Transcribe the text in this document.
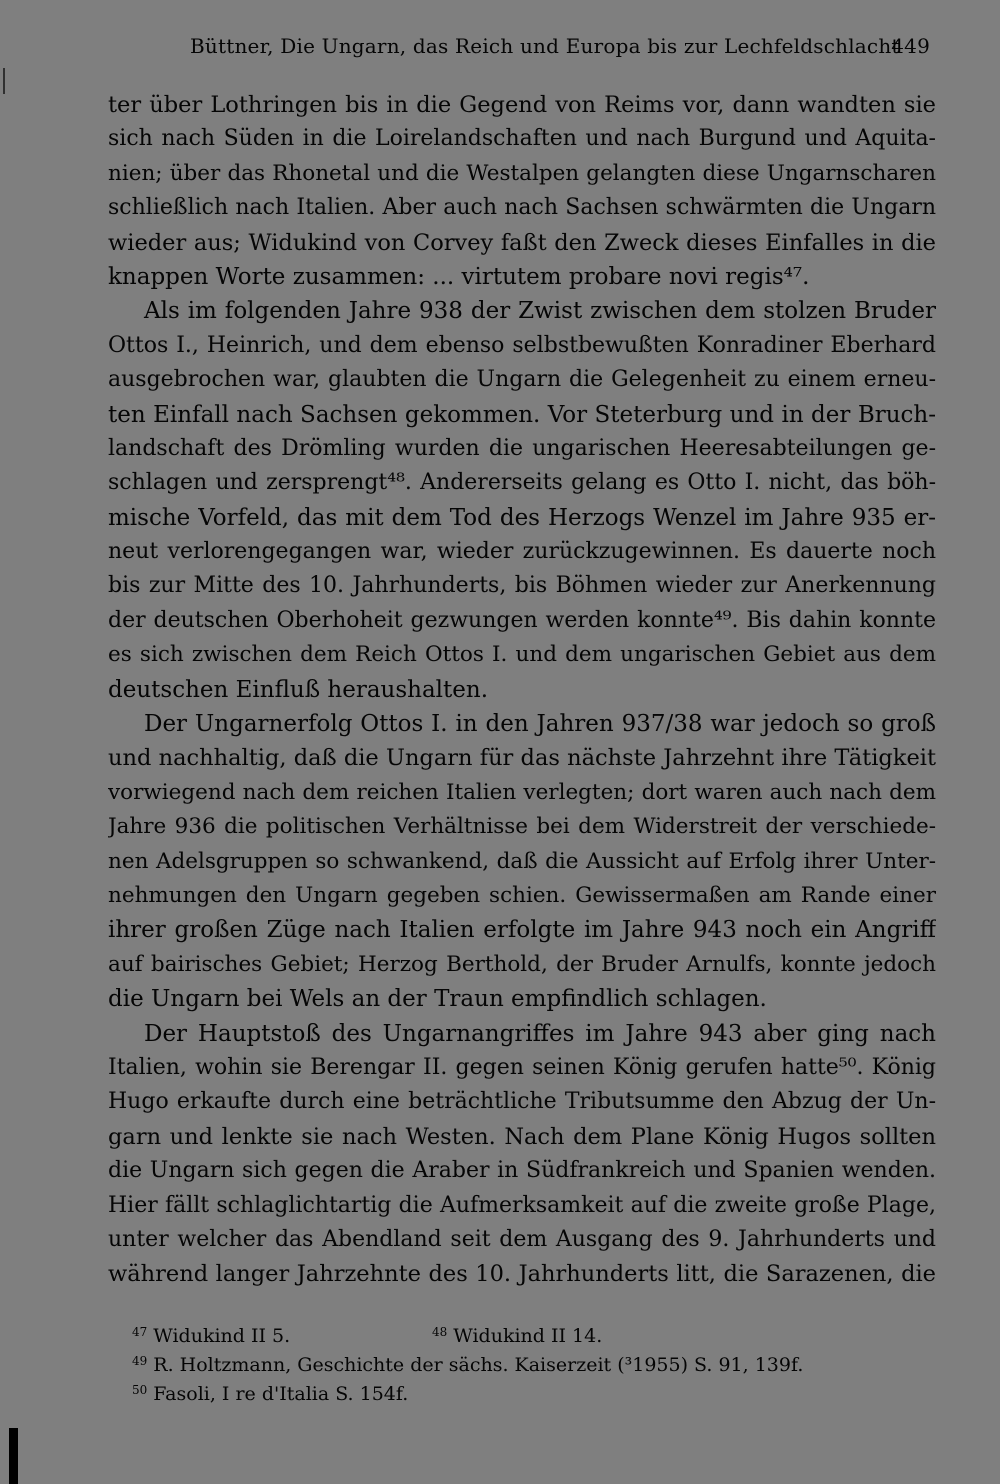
Büttner, Die Ungarn, das Reich und Europa bis zur Lechfeldschlacht
449
ter über Lothringen bis in die Gegend von Reims vor, dann wandten sie
sich nach Süden in die Loirelandschaften und nach Burgund und Aquita-
nien; über das Rhonetal und die Westalpen gelangten diese Ungarnscharen
schließlich nach Italien. Aber auch nach Sachsen schwärmten die Ungarn
wieder aus; Widukind von Corvey faßt den Zweck dieses Einfalles in die
knappen Worte zusammen: ... virtutem probare novi regis⁴⁷.
Als im folgenden Jahre 938 der Zwist zwischen dem stolzen Bruder
Ottos I., Heinrich, und dem ebenso selbstbewußten Konradiner Eberhard
ausgebrochen war, glaubten die Ungarn die Gelegenheit zu einem erneu-
ten Einfall nach Sachsen gekommen. Vor Steterburg und in der Bruch-
landschaft des Drömling wurden die ungarischen Heeresabteilungen ge-
schlagen und zersprengt⁴⁸. Andererseits gelang es Otto I. nicht, das böh-
mische Vorfeld, das mit dem Tod des Herzogs Wenzel im Jahre 935 er-
neut verlorengegangen war, wieder zurückzugewinnen. Es dauerte noch
bis zur Mitte des 10. Jahrhunderts, bis Böhmen wieder zur Anerkennung
der deutschen Oberhoheit gezwungen werden konnte⁴⁹. Bis dahin konnte
es sich zwischen dem Reich Ottos I. und dem ungarischen Gebiet aus dem
deutschen Einfluß heraushalten.
Der Ungarnerfolg Ottos I. in den Jahren 937/38 war jedoch so groß
und nachhaltig, daß die Ungarn für das nächste Jahrzehnt ihre Tätigkeit
vorwiegend nach dem reichen Italien verlegten; dort waren auch nach dem
Jahre 936 die politischen Verhältnisse bei dem Widerstreit der verschiede-
nen Adelsgruppen so schwankend, daß die Aussicht auf Erfolg ihrer Unter-
nehmungen den Ungarn gegeben schien. Gewissermaßen am Rande einer
ihrer großen Züge nach Italien erfolgte im Jahre 943 noch ein Angriff
auf bairisches Gebiet; Herzog Berthold, der Bruder Arnulfs, konnte jedoch
die Ungarn bei Wels an der Traun empfindlich schlagen.
Der Hauptstoß des Ungarnangriffes im Jahre 943 aber ging nach
Italien, wohin sie Berengar II. gegen seinen König gerufen hatte⁵⁰. König
Hugo erkaufte durch eine beträchtliche Tributsumme den Abzug der Un-
garn und lenkte sie nach Westen. Nach dem Plane König Hugos sollten
die Ungarn sich gegen die Araber in Südfrankreich und Spanien wenden.
Hier fällt schlaglichtartig die Aufmerksamkeit auf die zweite große Plage,
unter welcher das Abendland seit dem Ausgang des 9. Jahrhunderts und
während langer Jahrzehnte des 10. Jahrhunderts litt, die Sarazenen, die
$^{47}$ Widukind II 5.	$^{48}$ Widukind II 14.
$^{49}$ R. Holtzmann, Geschichte der sächs. Kaiserzeit (³1955) S. 91, 139f.
$^{50}$ Fasoli, I re d'Italia S. 154f.
